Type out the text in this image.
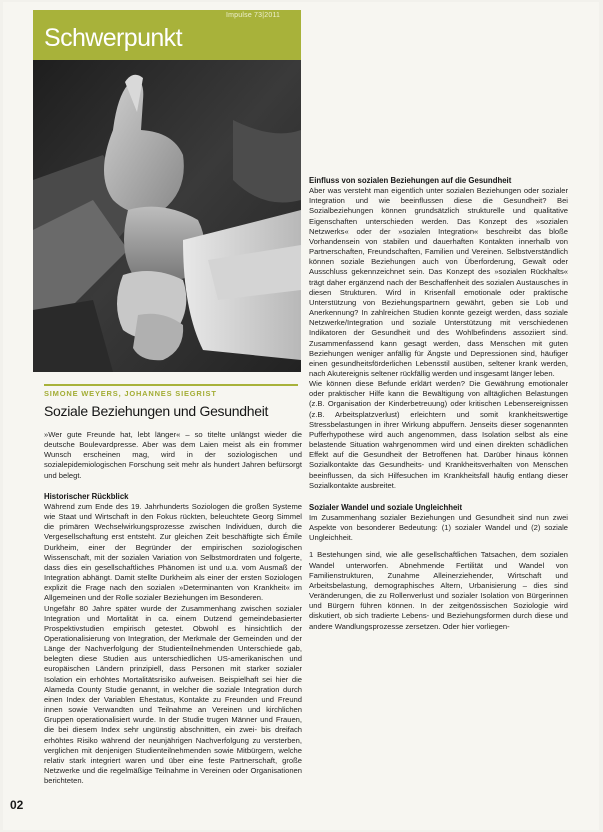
Impulse 73|2011
Schwerpunkt
SIMONE WEYERS, JOHANNES SIEGRIST
Soziale Beziehungen und Gesundheit

»Wer gute Freunde hat, lebt länger« – so titelte unlängst wieder die deutsche Boulevardpresse. Aber was dem Laien meist als ein frommer Wunsch erscheinen mag, wird in der soziologischen und sozialepidemiologischen Forschung seit mehr als hundert Jahren befürsorgt und belegt.

Historischer Rückblick

Während zum Ende des 19. Jahrhunderts Soziologen die großen Systeme wie Staat und Wirtschaft in den Fokus rückten, beleuchtete Georg Simmel die primären Wechselwirkungsprozesse zwischen Individuen, durch die Vergesellschaftung erst entsteht. Zur gleichen Zeit beschäftigte sich Émile Durkheim, einer der Begründer der empirischen soziologischen Wissenschaft, mit der sozialen Variation von Selbstmordraten und folgerte, dass dies ein gesellschaftliches Phänomen ist und u.a. vom Ausmaß der Integration abhängt. Damit stellte Durkheim als einer der ersten Soziologen explizit die Frage nach den sozialen »Determinanten von Krankheit« im Allgemeinen und der Rolle sozialer Beziehungen im Besonderen.

Ungefähr 80 Jahre später wurde der Zusammenhang zwischen sozialer Integration und Mortalität in ca. einem Dutzend gemeindebasierter Prospektivstudien empirisch getestet. Obwohl es hinsichtlich der Operationalisierung von Integration, der Merkmale der Gemeinden und der Länge der Nachverfolgung der Studienteilnehmenden Unterschiede gab, belegten diese Studien aus unterschiedlichen US-amerikanischen und europäischen Ländern prinzipiell, dass Personen mit starker sozialer Isolation ein erhöhtes Mortalitätsrisiko aufweisen. Beispielhaft sei hier die Alameda County Studie genannt, in welcher die soziale Integration durch einen Index der Variablen Ehestatus, Kontakte zu Freunden und Freund innen sowie Verwandten und Teilnahme an Vereinen und kirchlichen Gruppen operationalisiert wurde. In der Studie trugen Männer und Frauen, die bei diesem Index sehr ungünstig abschnitten, ein zwei- bis dreifach erhöhtes Risiko während der neunjährigen Nachverfolgung zu versterben, verglichen mit denjenigen Studienteilnehmenden sowie Mitbürgern, welche relativ stark integriert waren und über eine feste Partnerschaft, große Netzwerke und die regelmäßige Teilnahme in Vereinen oder Organisationen berichteten.

Einfluss von sozialen Beziehungen auf die Gesundheit

Aber was versteht man eigentlich unter sozialen Beziehungen oder sozialer Integration und wie beeinflussen diese die Gesundheit? Bei Sozialbeziehungen können grundsätzlich strukturelle und qualitative Eigenschaften unterschieden werden. Das Konzept des »sozialen Netzwerks« oder der »sozialen Integration« beschreibt das bloße Vorhandensein von stabilen und dauerhaften Kontakten innerhalb von Partnerschaften, Freundschaften, Familien und Vereinen. Selbstverständlich können soziale Beziehungen auch von Überforderung, Gewalt oder Ausschluss gekennzeichnet sein. Das Konzept des »sozialen Rückhalts« trägt daher ergänzend nach der Beschaffenheit des sozialen Austausches in diesen Strukturen. Wird in Krisenfall emotionale oder praktische Unterstützung von Beziehungspartnern gewährt, geben sie Lob und Anerkennung? In zahlreichen Studien konnte gezeigt werden, dass soziale Netzwerke/Integration und soziale Unterstützung mit verschiedenen Indikatoren der Gesundheit und des Wohlbefindens assoziiert sind. Zusammenfassend kann gesagt werden, dass Menschen mit guten Beziehungen weniger anfällig für Ängste und Depressionen sind, häufiger einen gesundheitsförderlichen Lebensstil ausüben, seltener krank werden, nach Akutereignis seltener rückfällig werden und insgesamt länger leben.

Wie können diese Befunde erklärt werden? Die Gewährung emotionaler oder praktischer Hilfe kann die Bewältigung von alltäglichen Belastungen (z.B. Organisation der Kinderbetreuung) oder kritischen Lebensereignissen (z.B. Arbeitsplatzverlust) erleichtern und somit krankheitswertige Stressbelastungen in ihrer Wirkung abpuffern. Jenseits dieser sogenannten Pufferhypothese wird auch angenommen, dass Isolation selbst als eine belastende Situation wahrgenommen wird und einen direkten schädlichen Effekt auf die Gesundheit der Betroffenen hat. Darüber hinaus können Sozialkontakte das Gesundheits- und Krankheitsverhalten von Menschen beeinflussen, da sich Hilfesuchen im Krankheitsfall häufig entlang dieser Sozialkontakte ausbreitet.

Sozialer Wandel und soziale Ungleichheit

Im Zusammenhang sozialer Beziehungen und Gesundheit sind nun zwei Aspekte von besonderer Bedeutung: (1) sozialer Wandel und (2) soziale Ungleichheit.

1 Bestehungen sind, wie alle gesellschaftlichen Tatsachen, dem sozialen Wandel unterworfen. Abnehmende Fertilität und Wandel von Familienstrukturen, Zunahme Alleinerziehender, Wirtschaft und Arbeitsbelastung, demographisches Altern, Urbanisierung – dies sind Veränderungen, die zu Rollenverlust und sozialer Isolation von Bürgerinnen und Bürgern führen können. In der zeitgenössischen Soziologie wird diskutiert, ob sich tradierte Lebens- und Beziehungsformen durch diese und andere Wandlungsprozesse zersetzen. Oder hier vorliegen-

02
